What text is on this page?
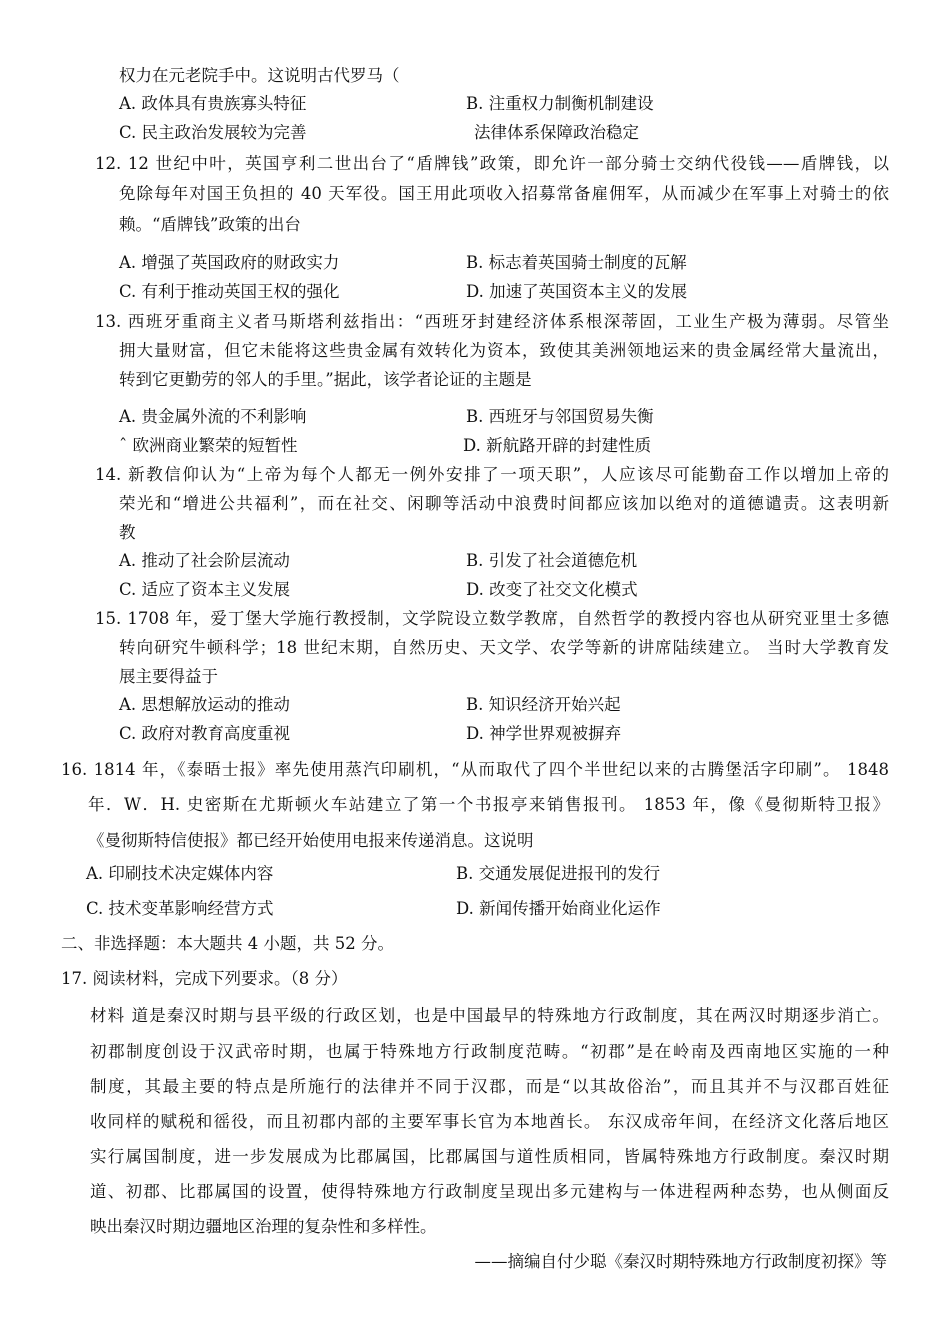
权力在元老院手中。这说明古代罗马（
A. 政体具有贵族寡头特征	B. 注重权力制衡机制建设
C. 民主政治发展较为完善	法律体系保障政治稳定
12. 12 世纪中叶，英国亨利二世出台了“盾牌钱”政策，即允许一部分骑士交纳代役钱——盾牌钱，以
免除每年对国王负担的 40 天军役。国王用此项收入招募常备雇佣军，从而减少在军事上对骑士的依
赖。“盾牌钱”政策的出台
A. 增强了英国政府的财政实力	B. 标志着英国骑士制度的瓦解
C. 有利于推动英国王权的强化	D. 加速了英国资本主义的发展
13. 西班牙重商主义者马斯塔利兹指出：“西班牙封建经济体系根深蒂固，工业生产极为薄弱。尽管坐
拥大量财富，但它未能将这些贵金属有效转化为资本，致使其美洲领地运来的贵金属经常大量流出，
转到它更勤劳的邻人的手里。”据此，该学者论证的主题是
A. 贵金属外流的不利影响	B. 西班牙与邻国贸易失衡
ˆ 欧洲商业繁荣的短暂性	D. 新航路开辟的封建性质
14. 新教信仰认为“上帝为每个人都无一例外安排了一项天职”，人应该尽可能勤奋工作以增加上帝的
荣光和“增进公共福利”，而在社交、闲聊等活动中浪费时间都应该加以绝对的道德谴责。这表明新
教
A. 推动了社会阶层流动	B. 引发了社会道德危机
C. 适应了资本主义发展	D. 改变了社交文化模式
15. 1708 年，爱丁堡大学施行教授制，文学院设立数学教席，自然哲学的教授内容也从研究亚里士多德
转向研究牛顿科学；18 世纪末期，自然历史、天文学、农学等新的讲席陆续建立。 当时大学教育发
展主要得益于
A. 思想解放运动的推动	B. 知识经济开始兴起
C. 政府对教育高度重视	D. 神学世界观被摒弃
16. 1814 年，《泰晤士报》率先使用蒸汽印刷机，“从而取代了四个半世纪以来的古腾堡活字印刷”。 1848
年．W．H. 史密斯在尤斯顿火车站建立了第一个书报亭来销售报刊。 1853 年，像《曼彻斯特卫报》
《曼彻斯特信使报》都已经开始使用电报来传递消息。这说明
A. 印刷技术决定媒体内容	B. 交通发展促进报刊的发行
C. 技术变革影响经营方式	D. 新闻传播开始商业化运作
二、非选择题：本大题共 4 小题，共 52 分。
17. 阅读材料，完成下列要求。（8 分）
材料 道是秦汉时期与县平级的行政区划，也是中国最早的特殊地方行政制度，其在两汉时期逐步消亡。
初郡制度创设于汉武帝时期，也属于特殊地方行政制度范畴。“初郡”是在岭南及西南地区实施的一种
制度，其最主要的特点是所施行的法律并不同于汉郡，而是“以其故俗治”，而且其并不与汉郡百姓征
收同样的赋税和徭役，而且初郡内部的主要军事长官为本地酋长。 东汉成帝年间，在经济文化落后地区
实行属国制度，进一步发展成为比郡属国，比郡属国与道性质相同，皆属特殊地方行政制度。秦汉时期
道、初郡、比郡属国的设置，使得特殊地方行政制度呈现出多元建构与一体进程两种态势，也从侧面反
映出秦汉时期边疆地区治理的复杂性和多样性。
——摘编自付少聪《秦汉时期特殊地方行政制度初探》等
